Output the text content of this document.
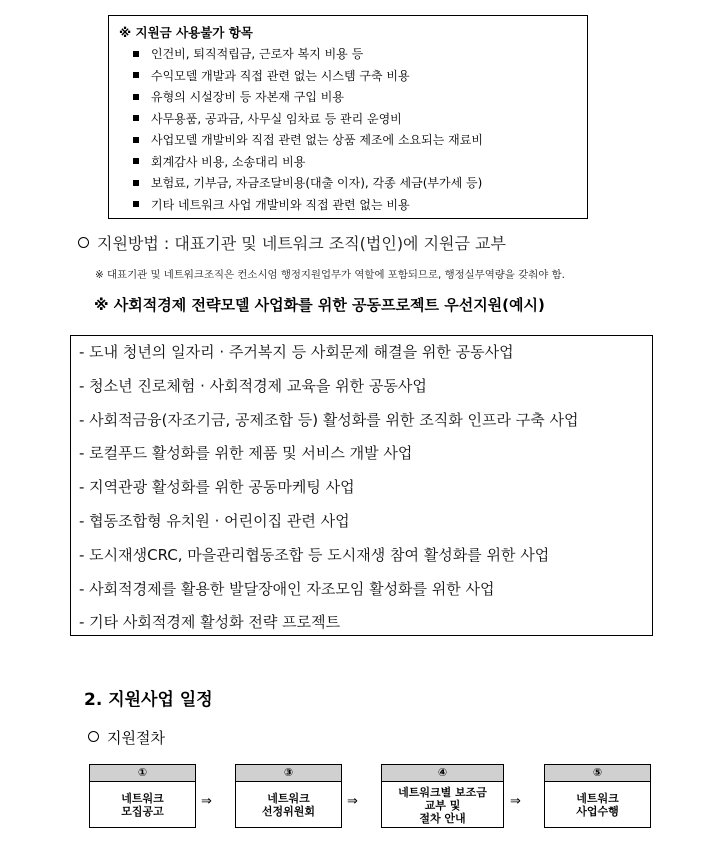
※ 지원금 사용불가 항목
인건비, 퇴직적립금, 근로자 복지 비용 등
수익모델 개발과 직접 관련 없는 시스템 구축 비용
유형의 시설장비 등 자본재 구입 비용
사무용품, 공과금, 사무실 임차료 등 관리 운영비
사업모델 개발비와 직접 관련 없는 상품 제조에 소요되는 재료비
회계감사 비용, 소송대리 비용
보험료, 기부금, 자금조달비용(대출 이자), 각종 세금(부가세 등)
기타 네트워크 사업 개발비와 직접 관련 없는 비용
지원방법 : 대표기관 및 네트워크 조직(법인)에 지원금 교부
※ 대표기관 및 네트워크조직은 컨소시엄 행정지원업무가 역할에 포함되므로, 행정실무역량을 갖춰야 함.
※ 사회적경제 전략모델 사업화를 위한 공동프로젝트 우선지원(예시)
- 도내 청년의 일자리 · 주거복지 등 사회문제 해결을 위한 공동사업
- 청소년 진로체험 · 사회적경제 교육을 위한 공동사업
- 사회적금융(자조기금, 공제조합 등) 활성화를 위한 조직화 인프라 구축 사업
- 로컬푸드 활성화를 위한 제품 및 서비스 개발 사업
- 지역관광 활성화를 위한 공동마케팅 사업
- 협동조합형 유치원 · 어린이집 관련 사업
- 도시재생CRC, 마을관리협동조합 등 도시재생 참여 활성화를 위한 사업
- 사회적경제를 활용한 발달장애인 자조모임 활성화를 위한 사업
- 기타 사회적경제 활성화 전략 프로젝트
2. 지원사업 일정
지원절차
①
네트워크
모집공고
⇒
③
네트워크
선정위원회
⇒
④
네트워크별 보조금
교부 및
절차 안내
⇒
⑤
네트워크
사업수행
